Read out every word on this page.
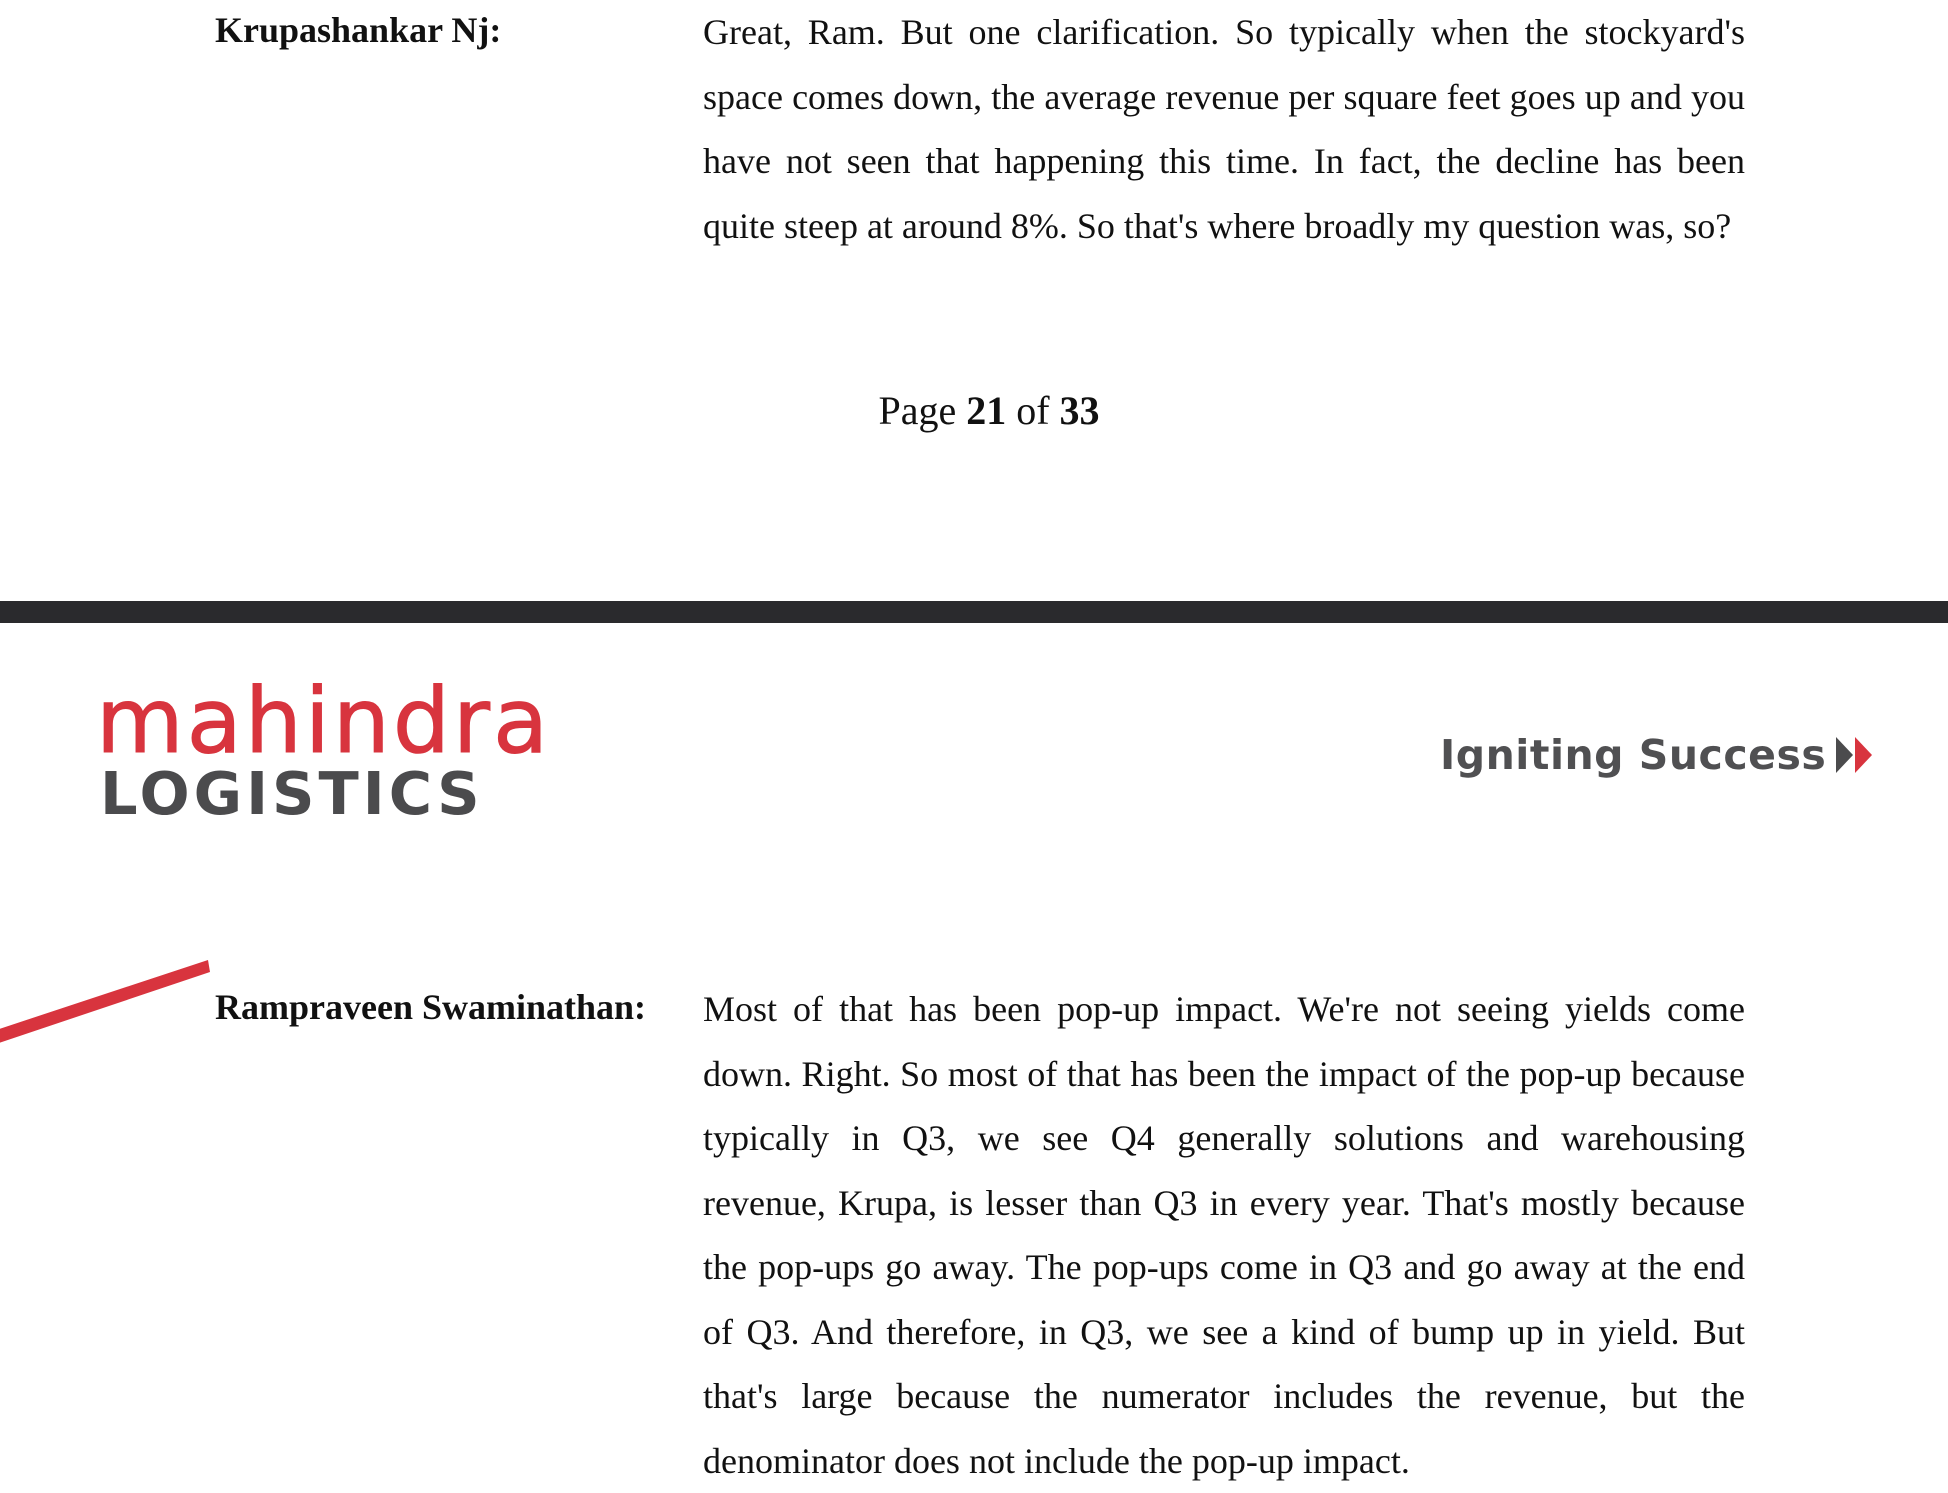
Krupashankar Nj:	Great, Ram. But one clarification. So typically when the stockyard's space comes down, the average revenue per square feet goes up and you have not seen that happening this time. In fact, the decline has been quite steep at around 8%. So that's where broadly my question was, so?

Page 21 of 33

mahindra
LOGISTICS
Igniting Success

Rampraveen Swaminathan: Most of that has been pop-up impact. We're not seeing yields come down. Right. So most of that has been the impact of the pop-up because typically in Q3, we see Q4 generally solutions and warehousing revenue, Krupa, is lesser than Q3 in every year. That's mostly because the pop-ups go away. The pop-ups come in Q3 and go away at the end of Q3. And therefore, in Q3, we see a kind of bump up in yield. But that's large because the numerator includes the revenue, but the denominator does not include the pop-up impact.
